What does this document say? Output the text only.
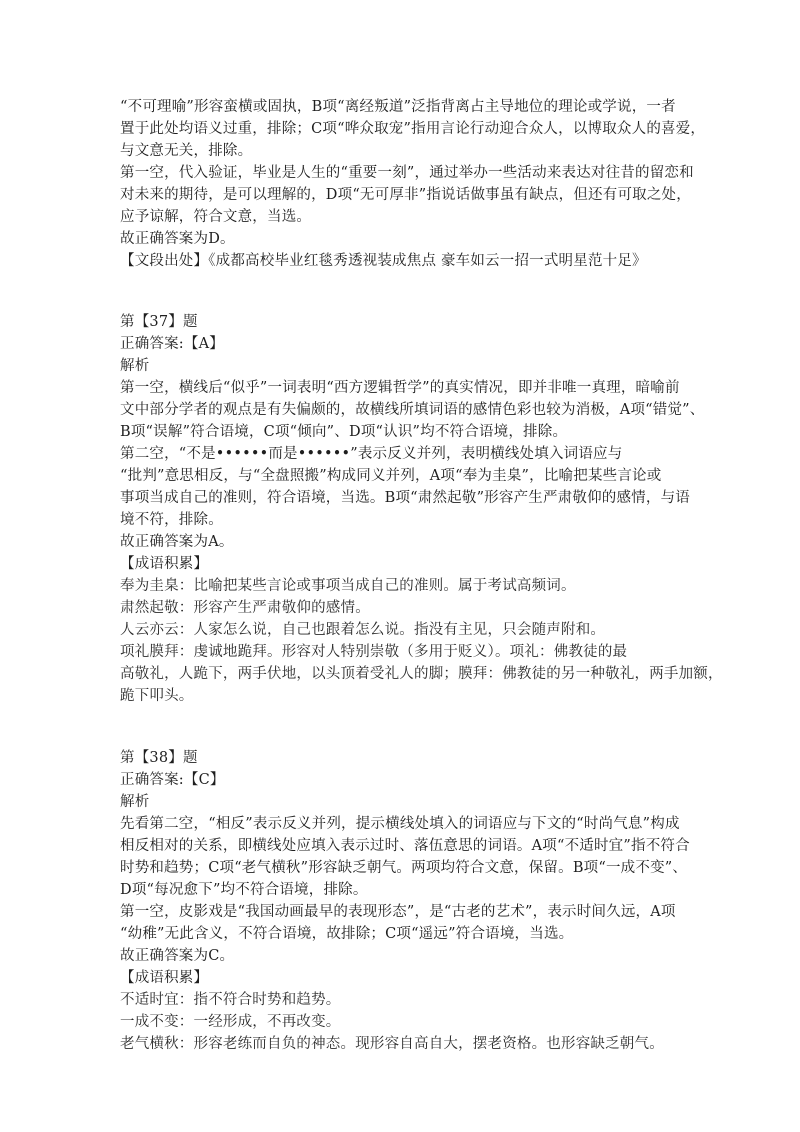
“不可理喻”形容蛮横或固执，B项“离经叛道”泛指背离占主导地位的理论或学说，一者
置于此处均语义过重，排除；C项“哗众取宠”指用言论行动迎合众人，以博取众人的喜爱，
与文意无关，排除。
第一空，代入验证，毕业是人生的“重要一刻”，通过举办一些活动来表达对往昔的留恋和
对未来的期待，是可以理解的，D项“无可厚非”指说话做事虽有缺点，但还有可取之处，
应予谅解，符合文意，当选。
故正确答案为D。
【文段出处】《成都高校毕业红毯秀透视装成焦点 豪车如云一招一式明星范十足》
第【37】题
正确答案:【A】
解析
第一空，横线后“似乎”一词表明“西方逻辑哲学”的真实情况，即并非唯一真理，暗喻前
文中部分学者的观点是有失偏颇的，故横线所填词语的感情色彩也较为消极，A项“错觉”、
B项“误解”符合语境，C项“倾向”、D项“认识”均不符合语境，排除。
第二空，“不是••••••而是••••••”表示反义并列，表明横线处填入词语应与
“批判”意思相反，与“全盘照搬”构成同义并列，A项“奉为圭臬”，比喻把某些言论或
事项当成自己的准则，符合语境，当选。B项“肃然起敬”形容产生严肃敬仰的感情，与语
境不符，排除。
故正确答案为A。
【成语积累】
奉为圭臬：比喻把某些言论或事项当成自己的准则。属于考试高频词。
肃然起敬：形容产生严肃敬仰的感情。
人云亦云：人家怎么说，自己也跟着怎么说。指没有主见，只会随声附和。
项礼膜拜：虔诚地跪拜。形容对人特别崇敬（多用于贬义）。项礼：佛教徒的最
高敬礼，人跪下，两手伏地，以头顶着受礼人的脚；膜拜：佛教徒的另一种敬礼，两手加额，
跪下叩头。
第【38】题
正确答案:【C】
解析
先看第二空，“相反”表示反义并列，提示横线处填入的词语应与下文的“时尚气息”构成
相反相对的关系，即横线处应填入表示过时、落伍意思的词语。A项“不适时宜”指不符合
时势和趋势；C项“老气横秋”形容缺乏朝气。两项均符合文意，保留。B项“一成不变”、
D项“每况愈下”均不符合语境，排除。
第一空，皮影戏是“我国动画最早的表现形态”，是“古老的艺术”，表示时间久远，A项
“幼稚”无此含义，不符合语境，故排除；C项“遥远”符合语境，当选。
故正确答案为C。
【成语积累】
不适时宜：指不符合时势和趋势。
一成不变：一经形成，不再改变。
老气横秋：形容老练而自负的神态。现形容自高自大，摆老资格。也形容缺乏朝气。
